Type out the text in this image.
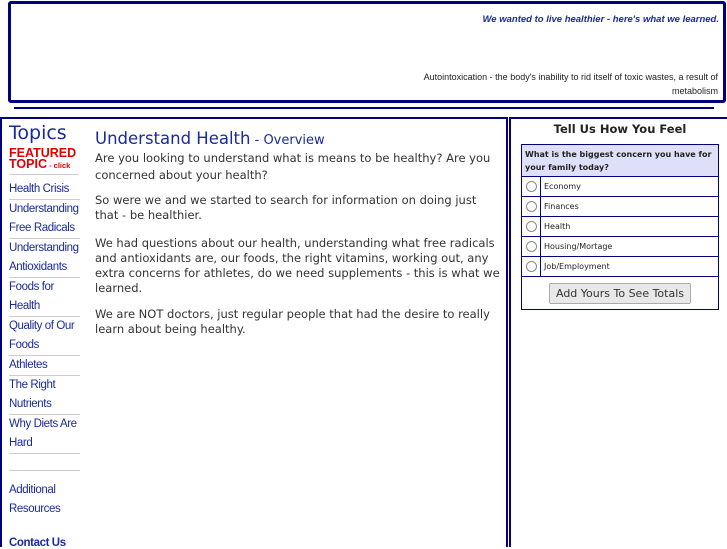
We wanted to live healthier - here's what we learned.
Autointoxication - the body's inability to rid itself of toxic wastes, a result of metabolism
Topics
FEATURED TOPIC - click
Health Crisis
Understanding Free Radicals
Understanding Antioxidants
Foods for Health
Quality of Our Foods
Athletes
The Right Nutrients
Why Diets Are Hard
Additional Resources
Contact Us
Understand Health - Overview

Are you looking to understand what is means to be healthy? Are you concerned about your health?

So were we and we started to search for information on doing just that - be healthier.

We had questions about our health, understanding what free radicals and antioxidants are, our foods, the right vitamins, working out, any extra concerns for athletes, do we need supplements - this is what we learned.

We are NOT doctors, just regular people that had the desire to really learn about being healthy.

Tell Us How You Feel
What is the biggest concern you have for your family today?
Economy
Finances
Health
Housing/Mortage
Job/Employment
Add Yours To See Totals
